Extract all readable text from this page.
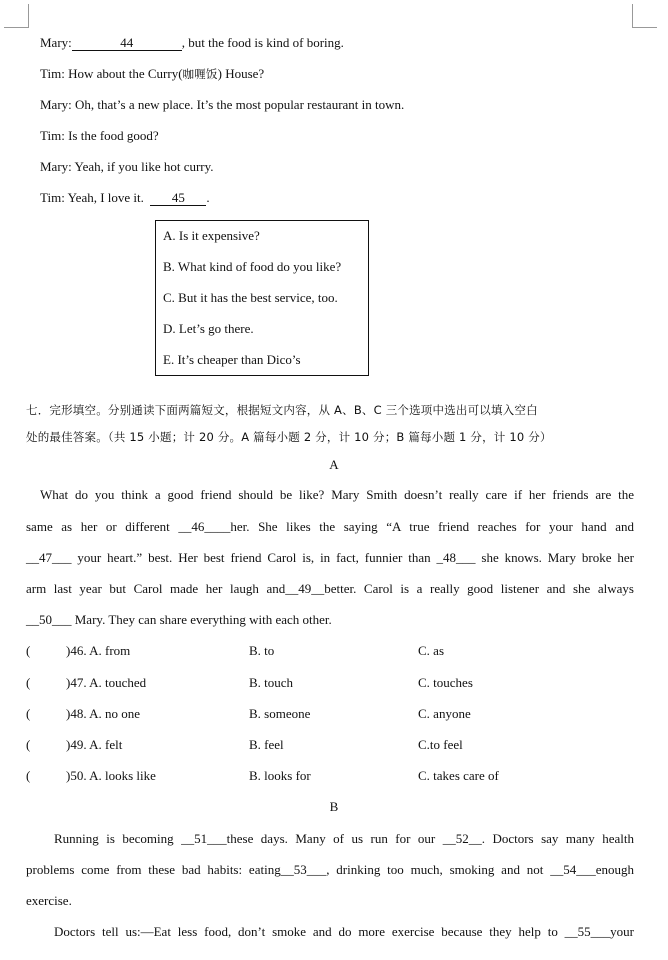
Mary:	44	, but the food is kind of boring.
Tim: How about the Curry(咖喱饭) House?
Mary: Oh, that’s a new place. It’s the most popular restaurant in town.
Tim: Is the food good?
Mary: Yeah, if you like hot curry.
Tim: Yeah, I love it. 45 .
A. Is it expensive?
B. What kind of food do you like?
C. But it has the best service, too.
D. Let’s go there.
E. It’s cheaper than Dico’s
七．完形填空。分别通读下面两篇短文，根据短文内容，从 A、B、C 三个选项中选出可以填入空白
处的最佳答案。（共 15 小题；计 20 分。A 篇每小题 2 分，计 10 分；B 篇每小题 1 分，计 10 分）
A
What do you think a good friend should be like? Mary Smith doesn’t really care if her friends are the
same as her or different __46____her. She likes the saying “A true friend reaches for your hand and
__47___ your heart.” best. Her best friend Carol is, in fact, funnier than _48___ she knows. Mary broke her
arm last year but Carol made her laugh and__49__better. Carol is a really good listener and she always
__50___ Mary. They can share everything with each other.
(	)46. A. from	B. to	C. as
(	)47. A. touched	B. touch	C. touches
(	)48. A. no one	B. someone	C. anyone
(	)49. A. felt	B. feel	C.to feel
(	)50. A. looks like	B. looks for	C. takes care of
B
Running is becoming __51___these days. Many of us run for our __52__. Doctors say many health
problems come from these bad habits: eating__53___, drinking too much, smoking and not __54___enough
exercise.
Doctors tell us:—Eat less food, don’t smoke and do more exercise because they help to __55___your
